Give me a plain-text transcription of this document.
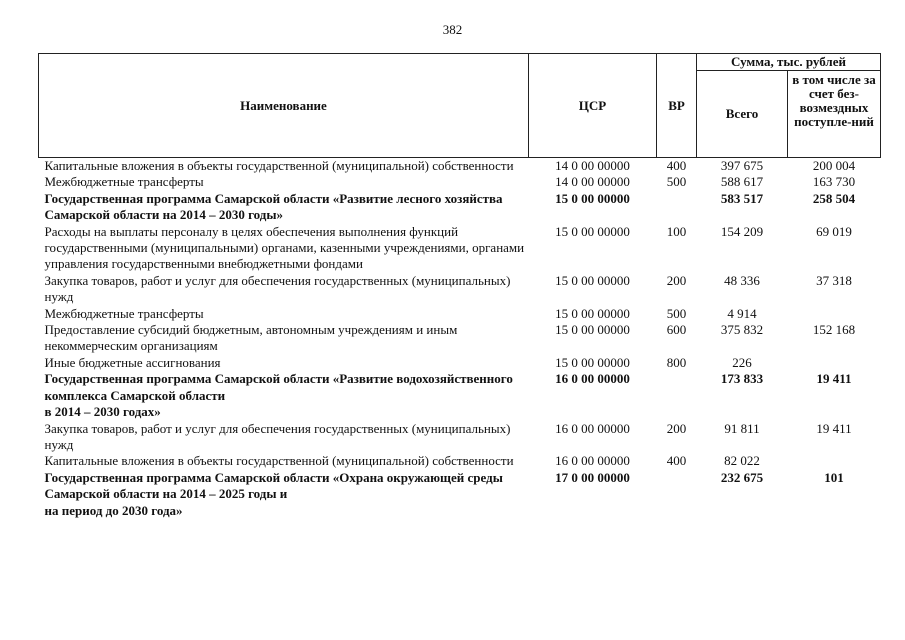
382
Наименование	ЦСР	ВР	Сумма, тыс. рублей	
			Всего	в том числе за счет без-возмездных поступле-ний
Капитальные вложения в объекты государственной (муниципальной) собственности	14 0 00 00000	400	397 675	200 004
Межбюджетные трансферты	14 0 00 00000	500	588 617	163 730
Государственная программа Самарской области «Развитие лесного хозяйства Самарской области на 2014 – 2030 годы»	15 0 00 00000		583 517	258 504
Расходы на выплаты персоналу в целях обеспечения выполнения функций государственными (муниципальными) органами, казенными учреждениями, органами управления государственными внебюджетными фондами	15 0 00 00000	100	154 209	69 019
Закупка товаров, работ и услуг для обеспечения государственных (муниципальных) нужд	15 0 00 00000	200	48 336	37 318
Межбюджетные трансферты	15 0 00 00000	500	4 914	
Предоставление субсидий бюджетным, автономным учреждениям и иным некоммерческим организациям	15 0 00 00000	600	375 832	152 168
Иные бюджетные ассигнования	15 0 00 00000	800	226	
Государственная программа Самарской области «Развитие водохозяйственного комплекса Самарской области
в 2014 – 2030 годах»	16 0 00 00000		173 833	19 411
Закупка товаров, работ и услуг для обеспечения государственных (муниципальных) нужд	16 0 00 00000	200	91 811	19 411
Капитальные вложения в объекты государственной (муниципальной) собственности	16 0 00 00000	400	82 022	
Государственная программа Самарской области «Охрана окружающей среды Самарской области на 2014 – 2025 годы и
на период до 2030 года»	17 0 00 00000		232 675	101
